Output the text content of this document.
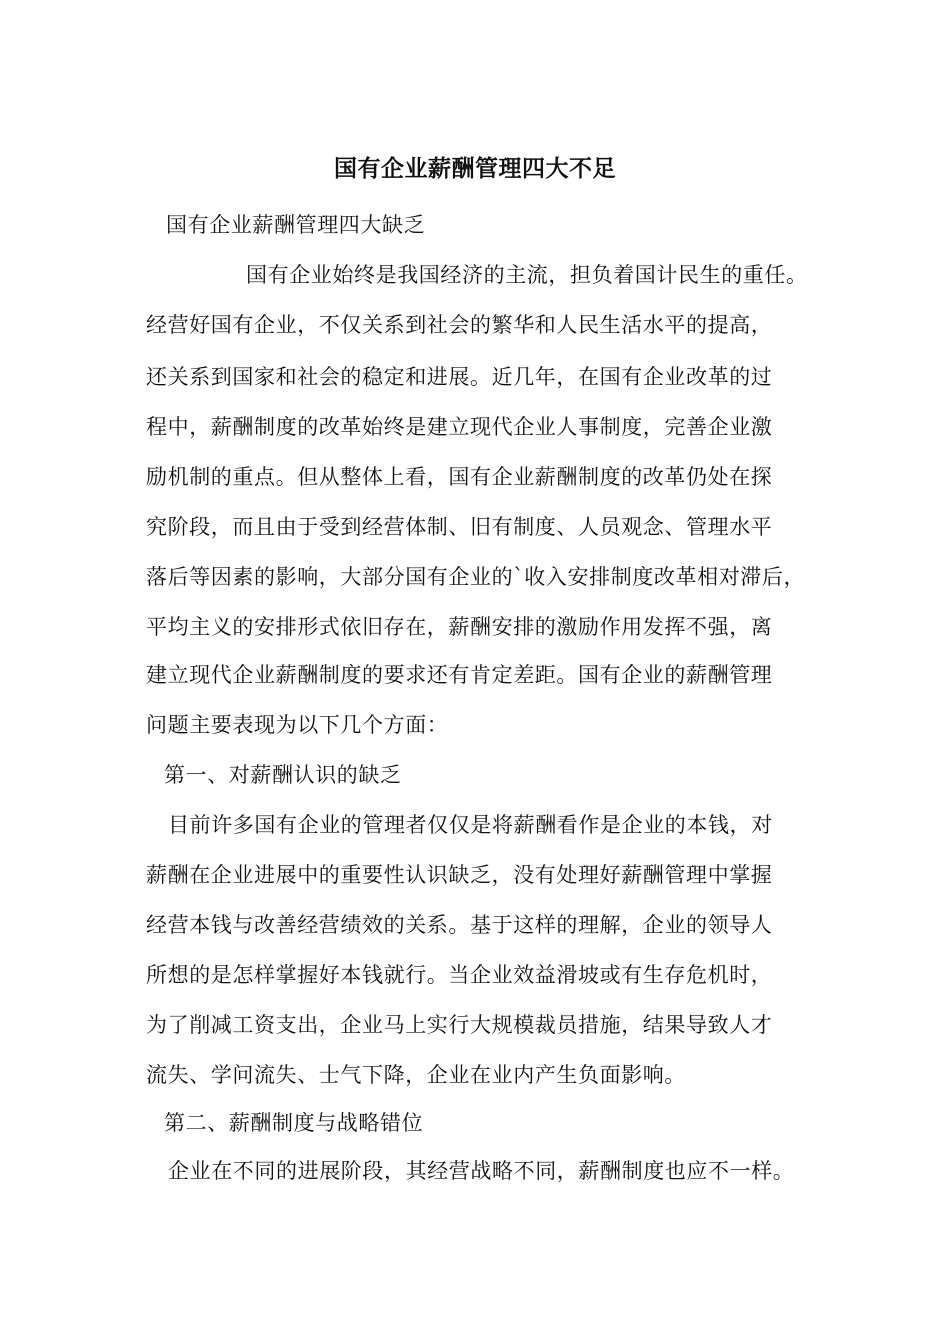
国有企业薪酬管理四大不足
国有企业薪酬管理四大缺乏
国有企业始终是我国经济的主流，担负着国计民生的重任。
经营好国有企业，不仅关系到社会的繁华和人民生活水平的提高，
还关系到国家和社会的稳定和进展。近几年，在国有企业改革的过
程中，薪酬制度的改革始终是建立现代企业人事制度，完善企业激
励机制的重点。但从整体上看，国有企业薪酬制度的改革仍处在探
究阶段，而且由于受到经营体制、旧有制度、人员观念、管理水平
落后等因素的影响，大部分国有企业的`收入安排制度改革相对滞后，
平均主义的安排形式依旧存在，薪酬安排的激励作用发挥不强，离
建立现代企业薪酬制度的要求还有肯定差距。国有企业的薪酬管理
问题主要表现为以下几个方面：
第一、对薪酬认识的缺乏
目前许多国有企业的管理者仅仅是将薪酬看作是企业的本钱，对
薪酬在企业进展中的重要性认识缺乏，没有处理好薪酬管理中掌握
经营本钱与改善经营绩效的关系。基于这样的理解，企业的领导人
所想的是怎样掌握好本钱就行。当企业效益滑坡或有生存危机时，
为了削减工资支出，企业马上实行大规模裁员措施，结果导致人才
流失、学问流失、士气下降，企业在业内产生负面影响。
第二、薪酬制度与战略错位
企业在不同的进展阶段，其经营战略不同，薪酬制度也应不一样。
